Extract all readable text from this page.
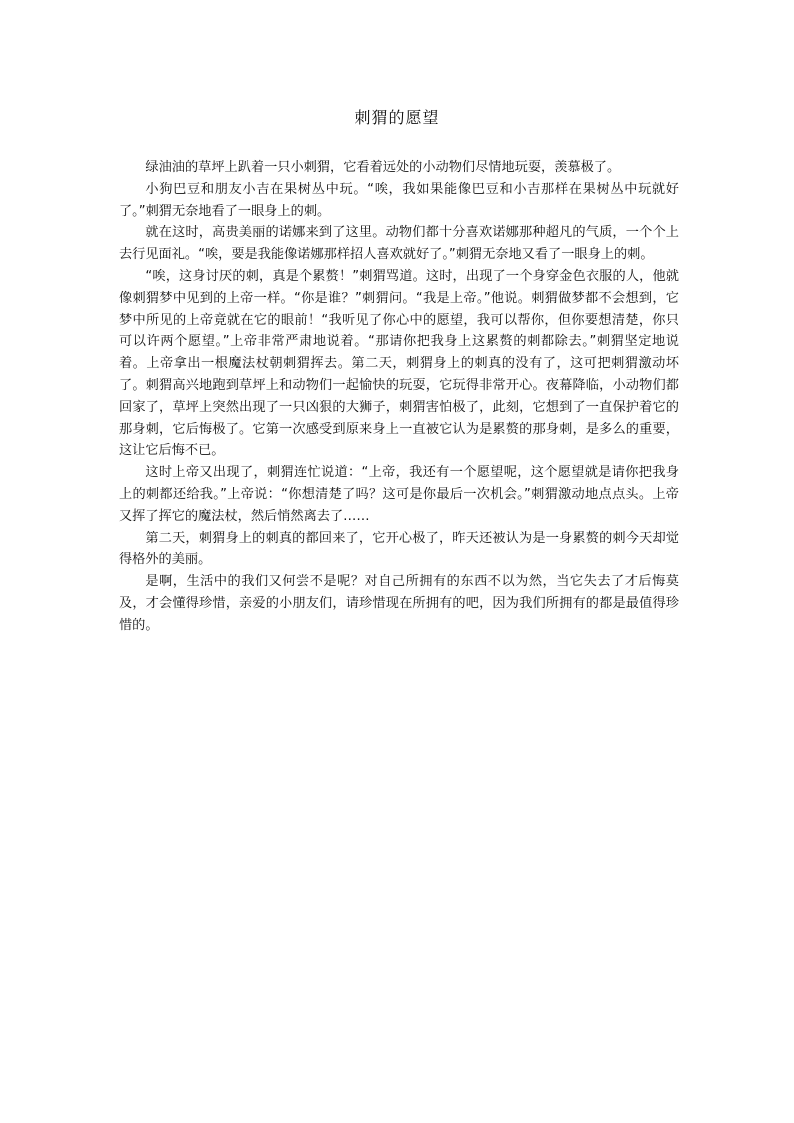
刺猬的愿望

绿油油的草坪上趴着一只小刺猬，它看着远处的小动物们尽情地玩耍，羡慕极了。

小狗巴豆和朋友小吉在果树丛中玩。“唉，我如果能像巴豆和小吉那样在果树丛中玩就好了。”刺猬无奈地看了一眼身上的刺。

就在这时，高贵美丽的诺娜来到了这里。动物们都十分喜欢诺娜那种超凡的气质，一个个上去行见面礼。“唉，要是我能像诺娜那样招人喜欢就好了。”刺猬无奈地又看了一眼身上的刺。

“唉，这身讨厌的刺，真是个累赘！”刺猬骂道。这时，出现了一个身穿金色衣服的人，他就像刺猬梦中见到的上帝一样。“你是谁？”刺猬问。“我是上帝。”他说。刺猬做梦都不会想到，它梦中所见的上帝竟就在它的眼前！“我听见了你心中的愿望，我可以帮你，但你要想清楚，你只可以许两个愿望。”上帝非常严肃地说着。“那请你把我身上这累赘的刺都除去。”刺猬坚定地说着。上帝拿出一根魔法杖朝刺猬挥去。第二天，刺猬身上的刺真的没有了，这可把刺猬激动坏了。刺猬高兴地跑到草坪上和动物们一起愉快的玩耍，它玩得非常开心。夜幕降临，小动物们都回家了，草坪上突然出现了一只凶狠的大狮子，刺猬害怕极了，此刻，它想到了一直保护着它的那身刺，它后悔极了。它第一次感受到原来身上一直被它认为是累赘的那身刺，是多么的重要，这让它后悔不已。

这时上帝又出现了，刺猬连忙说道：“上帝，我还有一个愿望呢，这个愿望就是请你把我身上的刺都还给我。”上帝说：“你想清楚了吗？这可是你最后一次机会。”刺猬激动地点点头。上帝又挥了挥它的魔法杖，然后悄然离去了……

第二天，刺猬身上的刺真的都回来了，它开心极了，昨天还被认为是一身累赘的刺今天却觉得格外的美丽。

是啊，生活中的我们又何尝不是呢？对自己所拥有的东西不以为然，当它失去了才后悔莫及，才会懂得珍惜，亲爱的小朋友们，请珍惜现在所拥有的吧，因为我们所拥有的都是最值得珍惜的。
